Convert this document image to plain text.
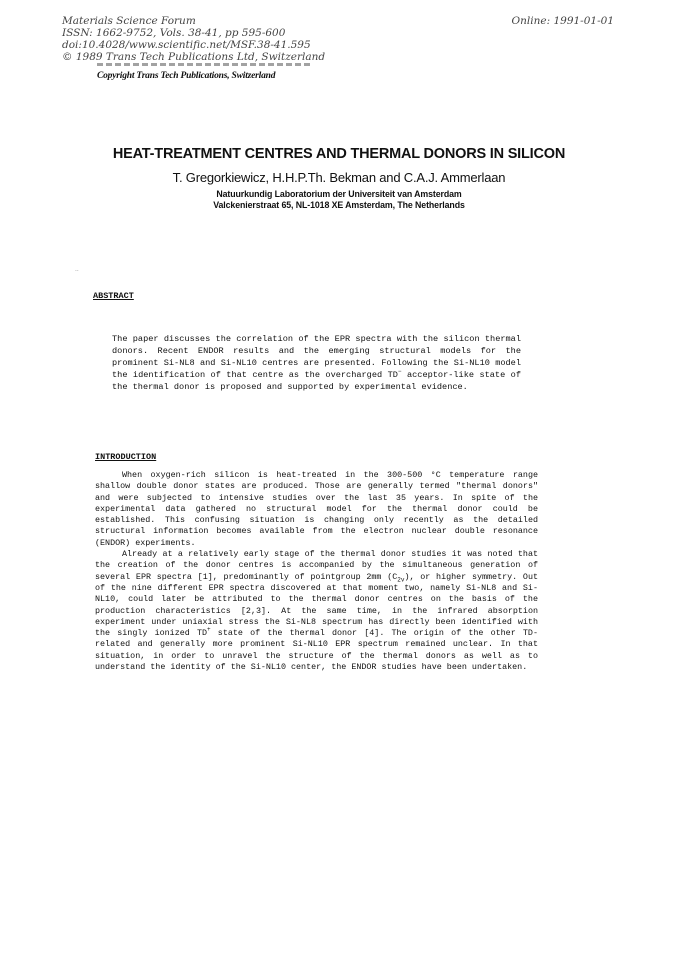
Materials Science Forum
ISSN: 1662-9752, Vols. 38-41, pp 595-600
doi:10.4028/www.scientific.net/MSF.38-41.595
© 1989 Trans Tech Publications Ltd, Switzerland
Online: 1991-01-01
Copyright Trans Tech Publications, Switzerland
HEAT-TREATMENT CENTRES AND THERMAL DONORS IN SILICON
T. Gregorkiewicz, H.H.P.Th. Bekman and C.A.J. Ammerlaan
Natuurkundig Laboratorium der Universiteit van Amsterdam
Valckenierstraat 65, NL-1018 XE Amsterdam, The Netherlands
..
ABSTRACT
The paper discusses the correlation of the EPR spectra with the silicon thermal donors. Recent ENDOR results and the emerging structural models for the prominent Si-NL8 and Si-NL10 centres are presented. Following the Si-NL10 model the identification of that centre as the overcharged TD− acceptor-like state of the thermal donor is proposed and supported by experimental evidence.
INTRODUCTION
When oxygen-rich silicon is heat-treated in the 300-500 °C temperature range shallow double donor states are produced. Those are generally termed "thermal donors" and were subjected to intensive studies over the last 35 years. In spite of the experimental data gathered no structural model for the thermal donor could be established. This confusing situation is changing only recently as the detailed structural information becomes available from the electron nuclear double resonance (ENDOR) experiments.
Already at a relatively early stage of the thermal donor studies it was noted that the creation of the donor centres is accompanied by the simultaneous generation of several EPR spectra [1], predominantly of pointgroup 2mm $(C_{2v})$, or higher symmetry. Out of the nine different EPR spectra discovered at that moment two, namely Si-NL8 and Si-NL10, could later be attributed to the thermal donor centres on the basis of the production characteristics [2,3]. At the same time, in the infrared absorption experiment under uniaxial stress the Si-NL8 spectrum has directly been identified with the singly ionized TD+ state of the thermal donor [4]. The origin of the other TD-related and generally more prominent Si-NL10 EPR spectrum remained unclear. In that situation, in order to unravel the structure of the thermal donors as well as to understand the identity of the Si-NL10 center, the ENDOR studies have been undertaken.
